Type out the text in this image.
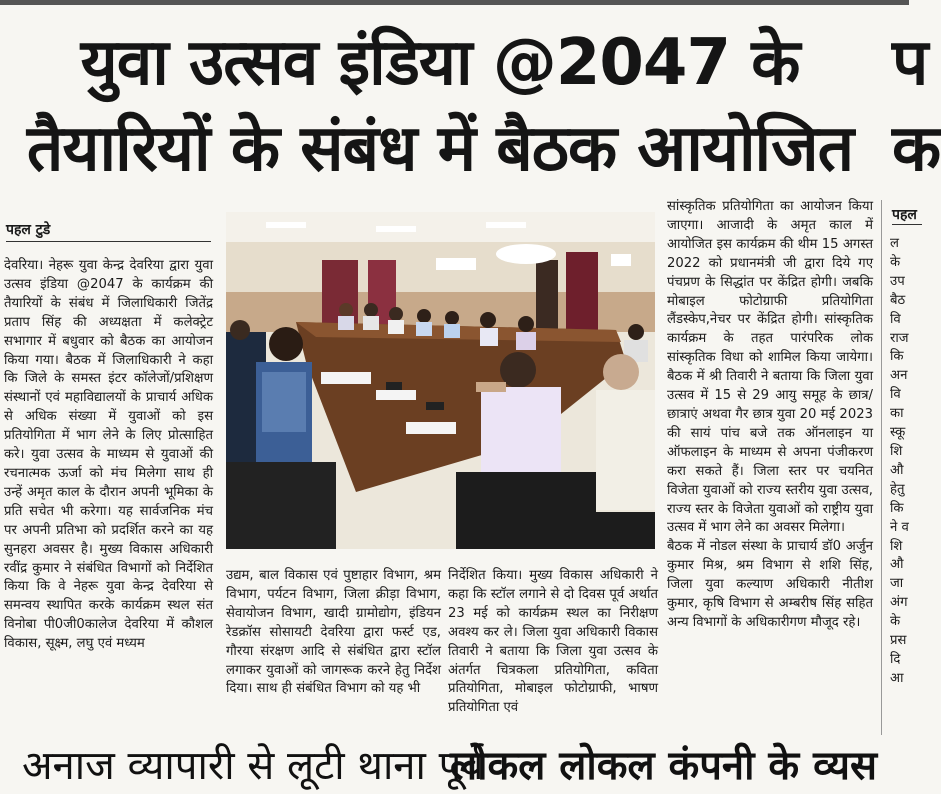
युवा उत्सव इंडिया @2047 के
तैयारियों के संबंध में बैठक आयोजित
प
क
पहल टुडे
पहल

देवरिया। नेहरू युवा केन्द्र देवरिया द्वारा युवा उत्सव इंडिया @2047 के कार्यक्रम की तैयारियों के संबंध में जिलाधिकारी जितेंद्र प्रताप सिंह की अध्यक्षता में कलेक्ट्रेट सभागार में बधुवार को बैठक का आयोजन किया गया। बैठक में जिलाधिकारी ने कहा कि जिले के समस्त इंटर कॉलेजों/प्रशिक्षण संस्थानों एवं महाविद्यालयों के प्राचार्य अधिक से अधिक संख्या में युवाओं को इस प्रतियोगिता में भाग लेने के लिए प्रोत्साहित करे। युवा उत्सव के माध्यम से युवाओं की रचनात्मक ऊर्जा को मंच मिलेगा साथ ही उन्हें अमृत काल के दौरान अपनी भूमिका के प्रति सचेत भी करेगा। यह सार्वजनिक मंच पर अपनी प्रतिभा को प्रदर्शित करने का यह सुनहरा अवसर है। मुख्य विकास अधिकारी रवींद्र कुमार ने संबंधित विभागों को निर्देशित किया कि वे नेहरू युवा केन्द्र देवरिया से समन्वय स्थापित करके कार्यक्रम स्थल संत विनोबा पी0जी0कालेज देवरिया में कौशल विकास, सूक्ष्म, लघु एवं मध्यम

उद्यम, बाल विकास एवं पुष्टाहार विभाग, श्रम विभाग, पर्यटन विभाग, जिला क्रीड़ा विभाग, सेवायोजन विभाग, खादी ग्रामोद्योग, इंडियन रेडक्रॉस सोसायटी देवरिया द्वारा फर्स्ट एड, गौरया संरक्षण आदि से संबंधित द्वारा स्टॉल लगाकर युवाओं को जागरूक करने हेतु निर्देश दिया। साथ ही संबंधित विभाग को यह भी

निर्देशित किया। मुख्य विकास अधिकारी ने कहा कि स्टॉल लगाने से दो दिवस पूर्व अर्थात 23 मई को कार्यक्रम स्थल का निरीक्षण अवश्य कर ले। जिला युवा अधिकारी विकास तिवारी ने बताया कि जिला युवा उत्सव के अंतर्गत चित्रकला प्रतियोगिता, कविता प्रतियोगिता, मोबाइल फोटोग्राफी, भाषण प्रतियोगिता एवं

सांस्कृतिक प्रतियोगिता का आयोजन किया जाएगा। आजादी के अमृत काल में आयोजित इस कार्यक्रम की थीम 15 अगस्त 2022 को प्रधानमंत्री जी द्वारा दिये गए पंचप्रण के सिद्धांत पर केंद्रित होगी। जबकि मोबाइल फोटोग्राफी प्रतियोगिता लैंडस्केप,नेचर पर केंद्रित होगी। सांस्कृतिक कार्यक्रम के तहत पारंपरिक लोक सांस्कृतिक विधा को शामिल किया जायेगा। बैठक में श्री तिवारी ने बताया कि जिला युवा उत्सव में 15 से 29 आयु समूह के छात्र/छात्राएं अथवा गैर छात्र युवा 20 मई 2023 की सायं पांच बजे तक ऑनलाइन या ऑफलाइन के माध्यम से अपना पंजीकरण करा सकते हैं। जिला स्तर पर चयनित विजेता युवाओं को राज्य स्तरीय युवा उत्सव, राज्य स्तर के विजेता युवाओं को राष्ट्रीय युवा उत्सव में भाग लेने का अवसर मिलेगा।

बैठक में नोडल संस्था के प्राचार्य डॉ0 अर्जुन कुमार मिश्र, श्रम विभाग से शशि सिंह, जिला युवा कल्याण अधिकारी नीतीश कुमार, कृषि विभाग से अम्बरीष सिंह सहित अन्य विभागों के अधिकारीगण मौजूद रहे।

ल

के

उप

बैठ

वि

राज

कि

अन

वि

का

स्कू

शि

औ

हेतु

कि

ने व

शि

औ

जा

अंग

के

प्रस

दि

आ

अनाज व्यापारी से लूटी थाना पूर्व
लोकल लोकल कंपनी के व्यस
